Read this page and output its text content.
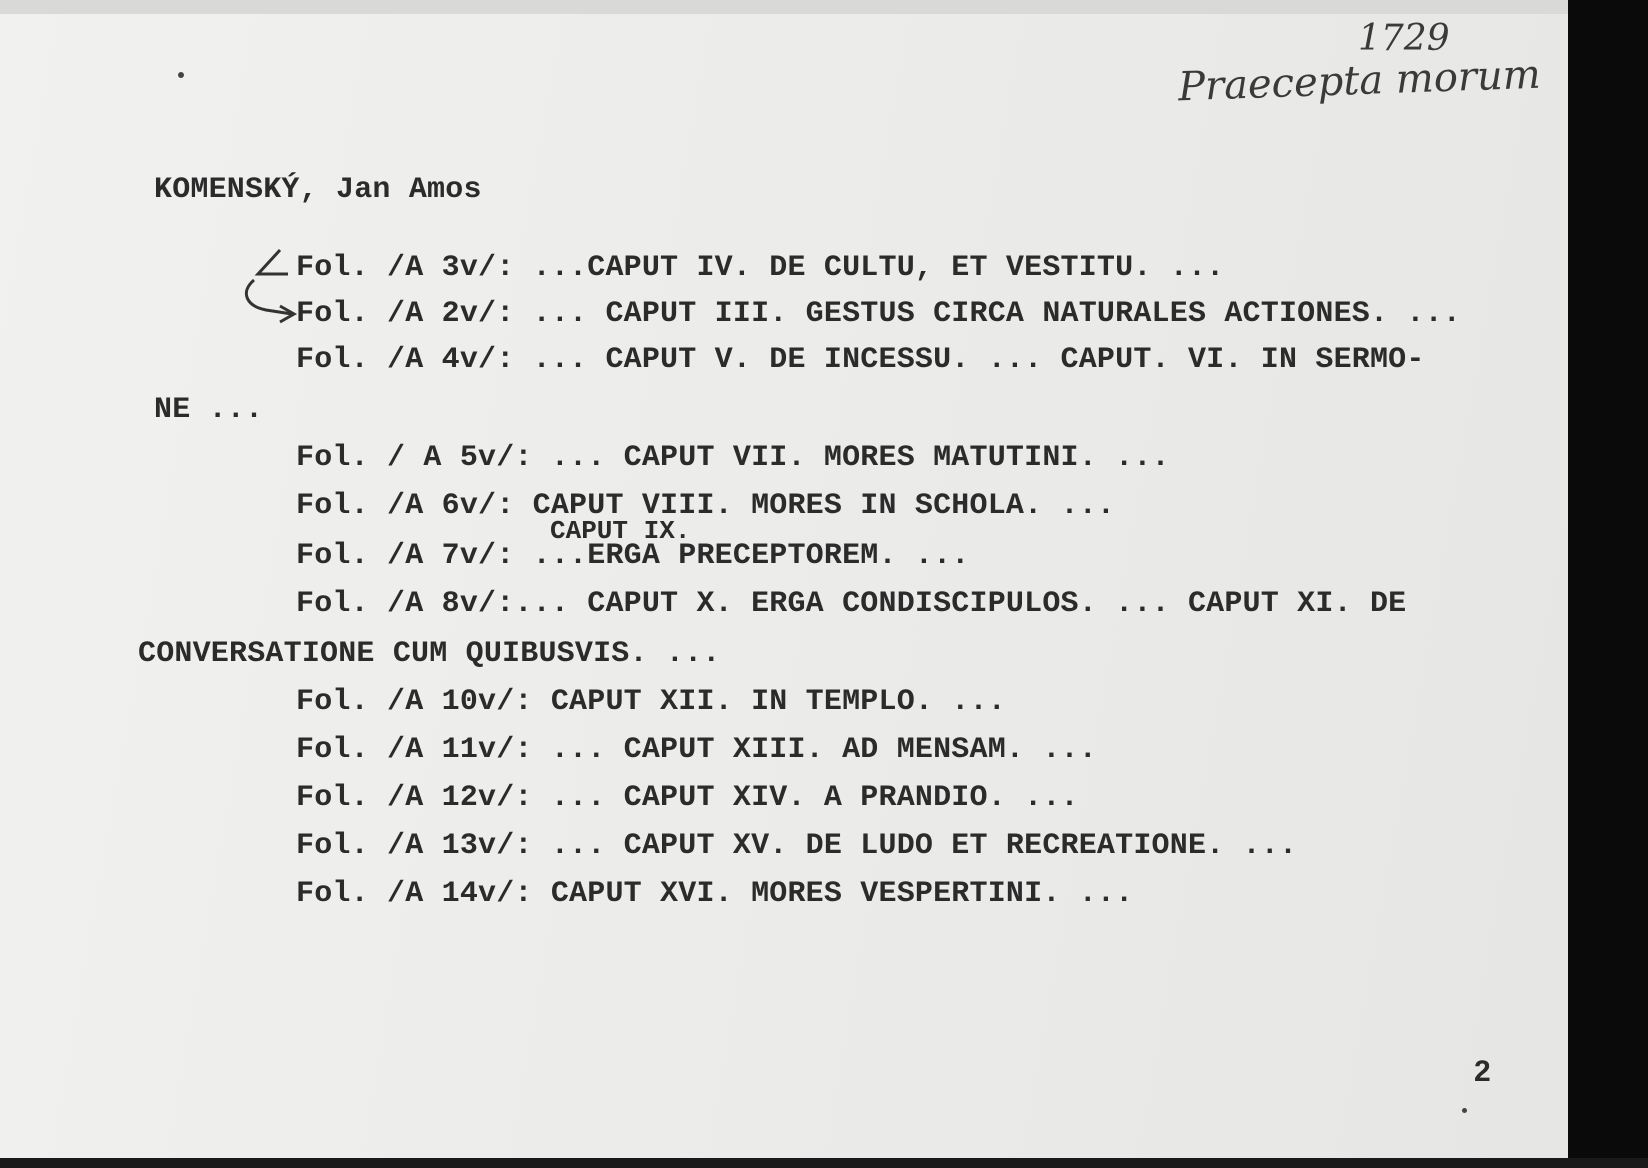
1729
Praecepta morum
KOMENSKÝ, Jan Amos
Fol. /A 3v/: ...CAPUT IV. DE CULTU, ET VESTITU. ...
Fol. /A 2v/: ... CAPUT III. GESTUS CIRCA NATURALES ACTIONES. ...
Fol. /A 4v/: ... CAPUT V. DE INCESSU. ... CAPUT. VI. IN SERMO-
NE ...
Fol. / A 5v/: ... CAPUT VII. MORES MATUTINI. ...
Fol. /A 6v/: CAPUT VIII. MORES IN SCHOLA. ...
CAPUT IX.
Fol. /A 7v/: ...ERGA PRECEPTOREM. ...
Fol. /A 8v/:... CAPUT X. ERGA CONDISCIPULOS. ... CAPUT XI. DE
CONVERSATIONE CUM QUIBUSVIS. ...
Fol. /A 10v/: CAPUT XII. IN TEMPLO. ...
Fol. /A 11v/: ... CAPUT XIII. AD MENSAM. ...
Fol. /A 12v/: ... CAPUT XIV. A PRANDIO. ...
Fol. /A 13v/: ... CAPUT XV. DE LUDO ET RECREATIONE. ...
Fol. /A 14v/: CAPUT XVI. MORES VESPERTINI. ...
2
